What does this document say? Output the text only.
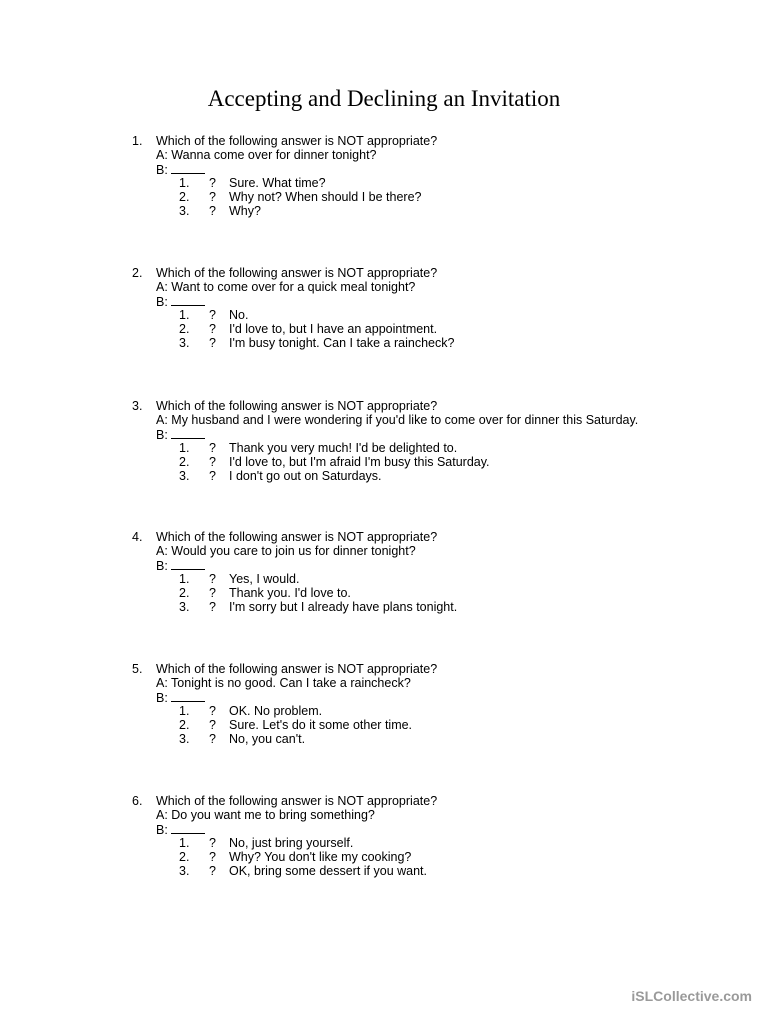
Accepting and Declining an Invitation
1.	Which of the following answer is NOT appropriate?
A: Wanna come over for dinner tonight?
B:
1.	?	Sure. What time?
2.	?	Why not? When should I be there?
3.	?	Why?
2.	Which of the following answer is NOT appropriate?
A: Want to come over for a quick meal tonight?
B:
1.	?	No.
2.	?	I'd love to, but I have an appointment.
3.	?	I'm busy tonight. Can I take a raincheck?
3.	Which of the following answer is NOT appropriate?
A: My husband and I were wondering if you'd like to come over for dinner this Saturday.
B:
1.	?	Thank you very much! I'd be delighted to.
2.	?	I'd love to, but I'm afraid I'm busy this Saturday.
3.	?	I don't go out on Saturdays.
4.	Which of the following answer is NOT appropriate?
A: Would you care to join us for dinner tonight?
B:
1.	?	Yes, I would.
2.	?	Thank you. I'd love to.
3.	?	I'm sorry but I already have plans tonight.
5.	Which of the following answer is NOT appropriate?
A: Tonight is no good. Can I take a raincheck?
B:
1.	?	OK. No problem.
2.	?	Sure. Let's do it some other time.
3.	?	No, you can't.
6.	Which of the following answer is NOT appropriate?
A: Do you want me to bring something?
B:
1.	?	No, just bring yourself.
2.	?	Why? You don't like my cooking?
3.	?	OK, bring some dessert if you want.
iSLCollective.com
